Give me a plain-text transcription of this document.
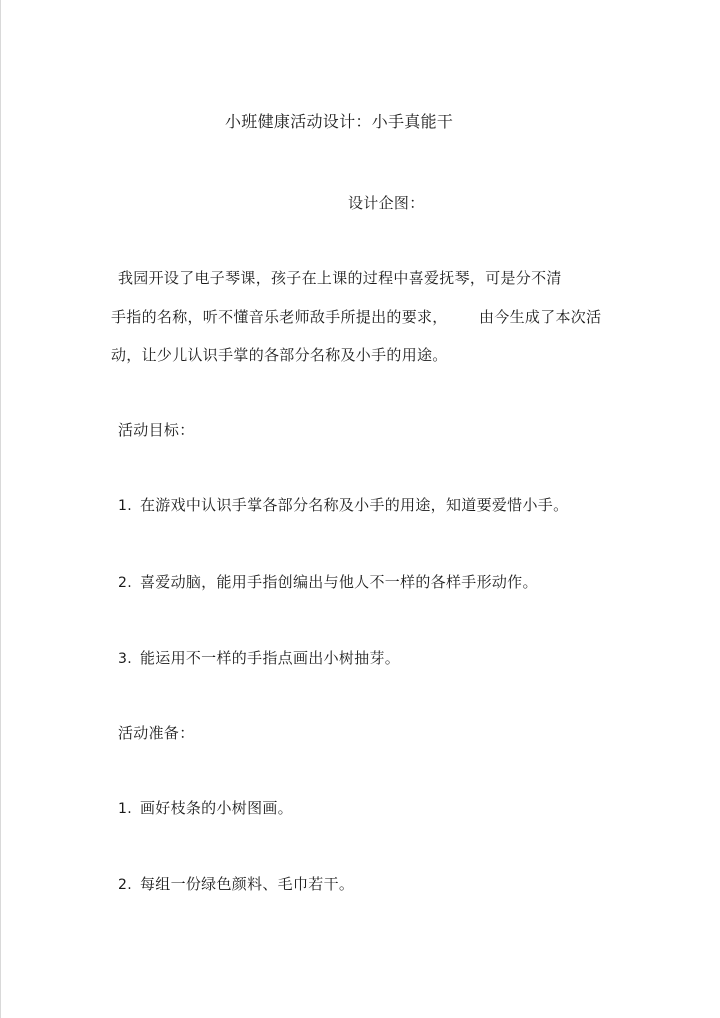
小班健康活动设计：小手真能干
设计企图：
我园开设了电子琴课，孩子在上课的过程中喜爱抚琴，可是分不清
手指的名称，听不懂音乐老师敌手所提出的要求， 由今生成了本次活
动，让少儿认识手掌的各部分名称及小手的用途。
活动目标：
1. 在游戏中认识手掌各部分名称及小手的用途，知道要爱惜小手。
2. 喜爱动脑，能用手指创编出与他人不一样的各样手形动作。
3. 能运用不一样的手指点画出小树抽芽。
活动准备：
1. 画好枝条的小树图画。
2. 每组一份绿色颜料、毛巾若干。
